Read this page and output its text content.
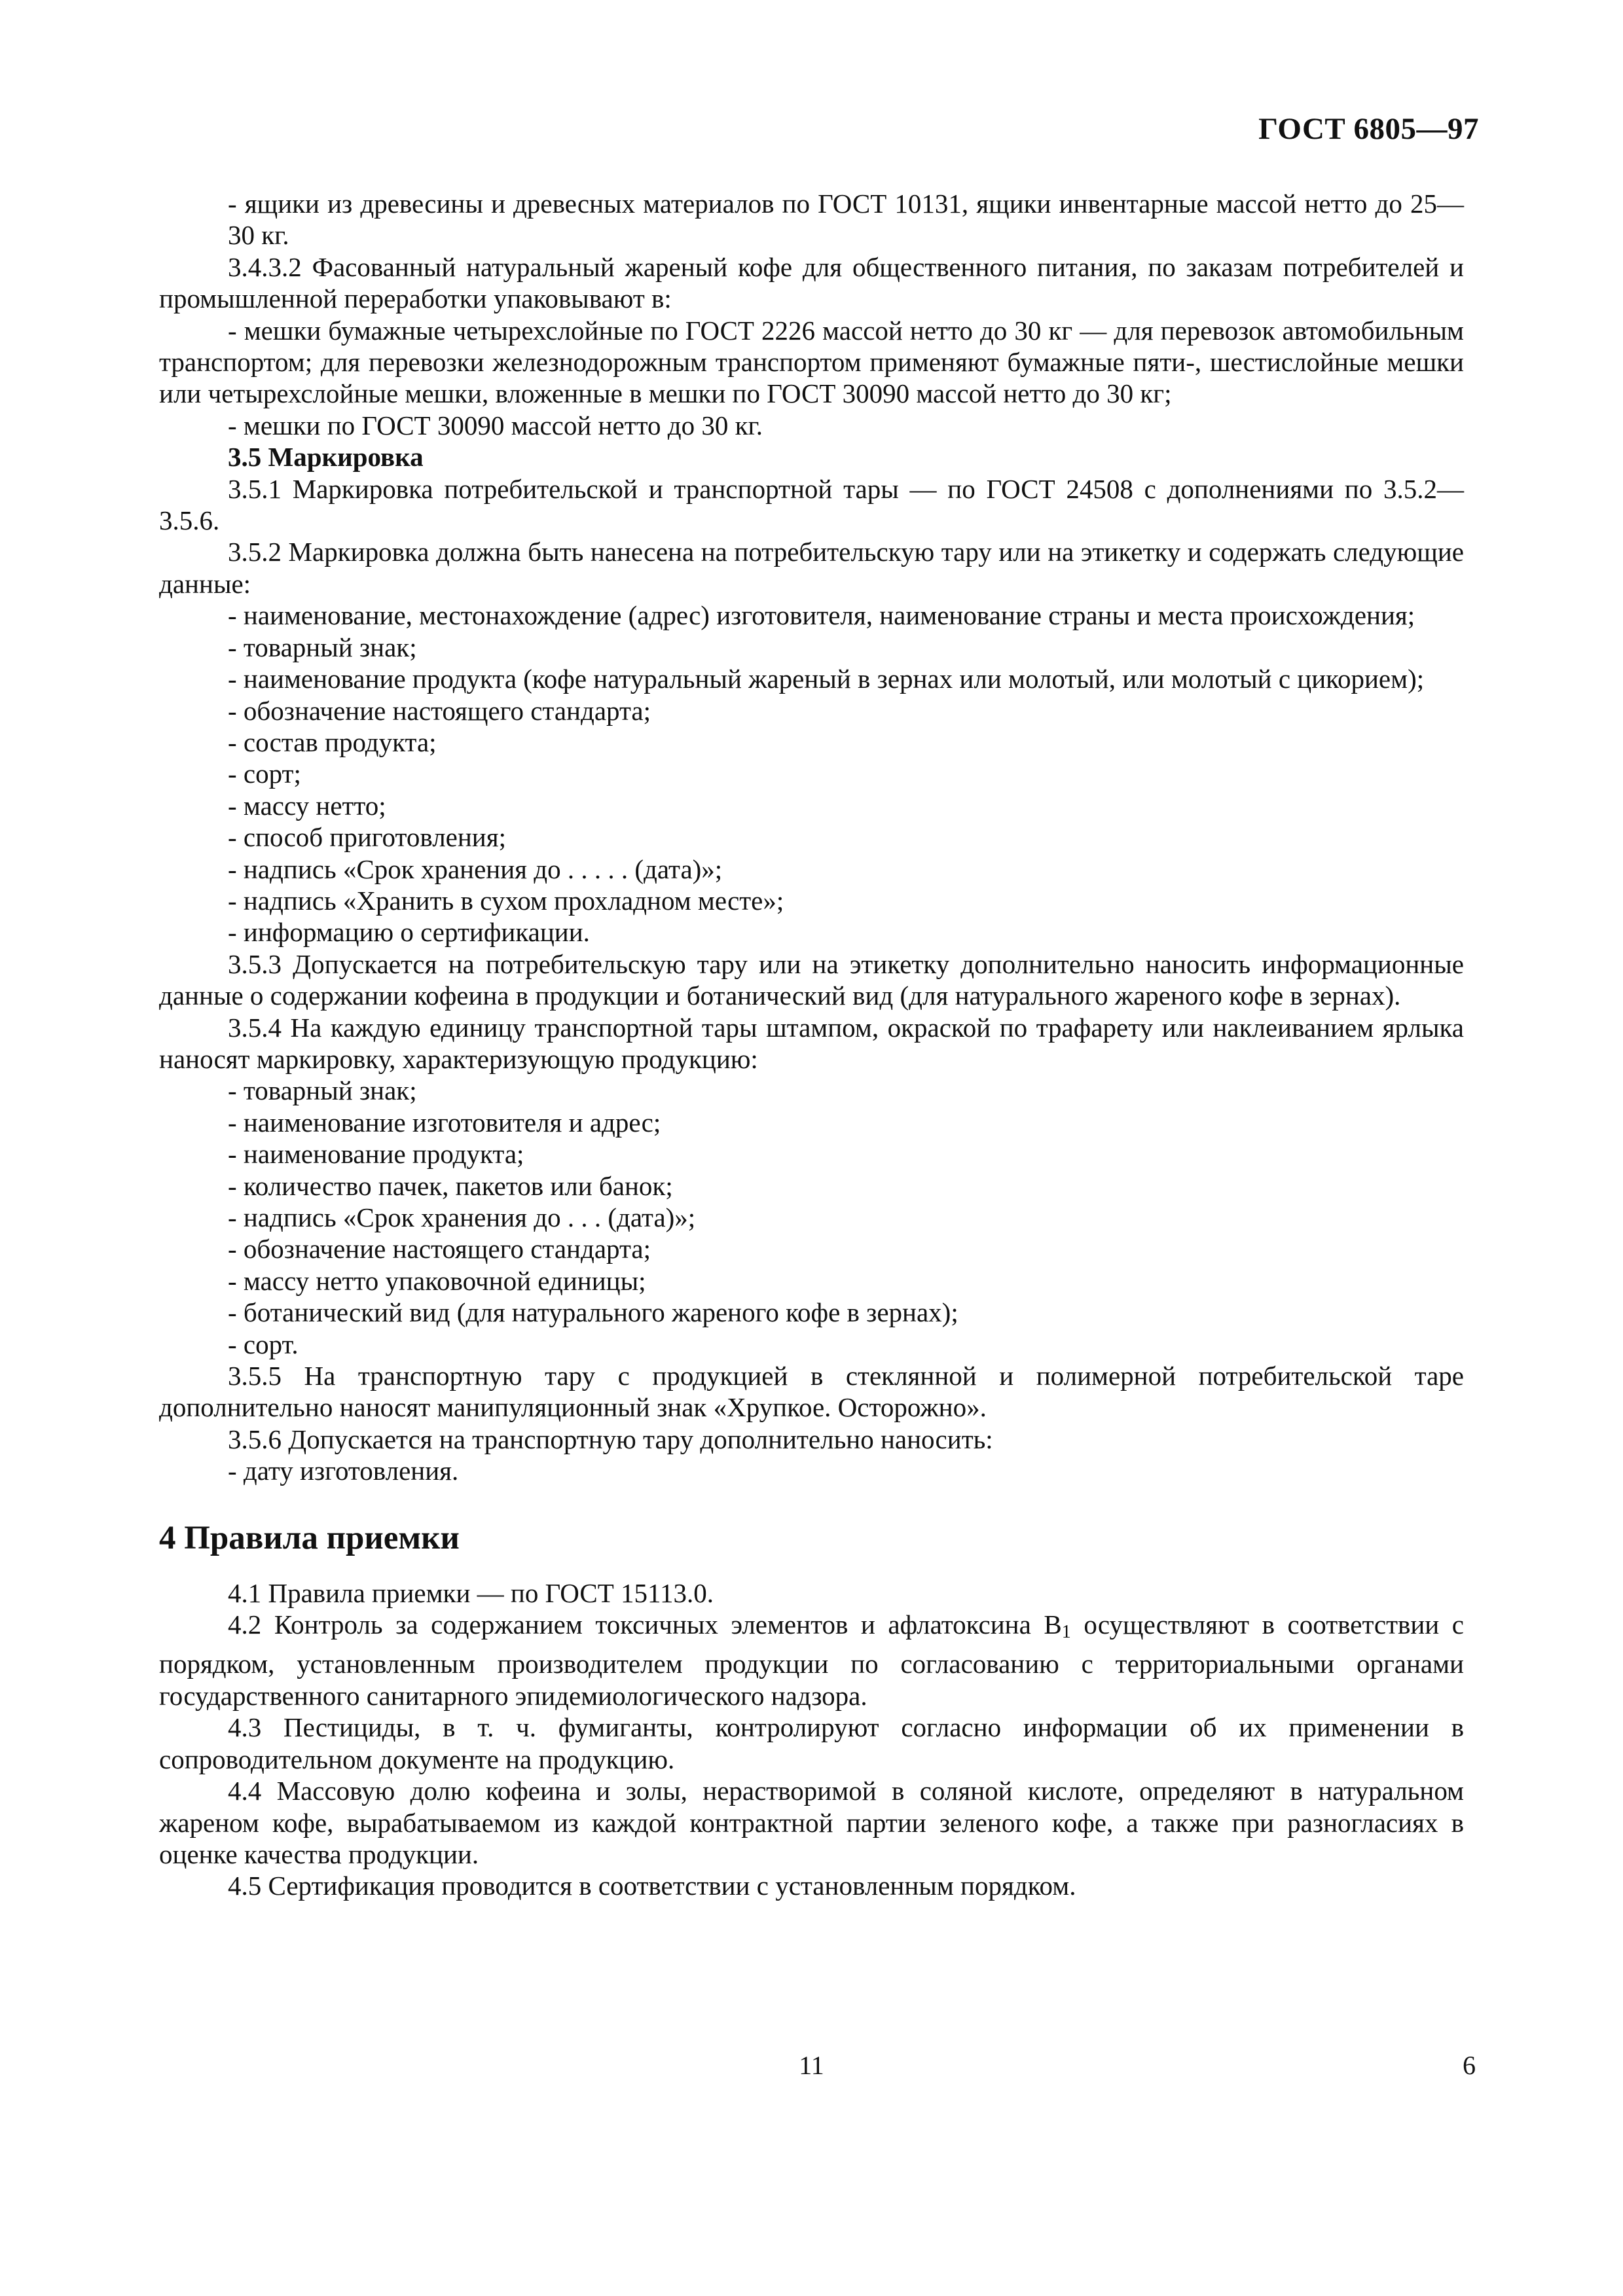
ГОСТ 6805—97

- ящики из древесины и древесных материалов по ГОСТ 10131, ящики инвентарные массой нетто до 25—30 кг.

3.4.3.2 Фасованный натуральный жареный кофе для общественного питания, по заказам потребителей и промышленной переработки упаковывают в:

- мешки бумажные четырехслойные по ГОСТ 2226 массой нетто до 30 кг — для перевозок автомобильным транспортом; для перевозки железнодорожным транспортом применяют бумажные пяти-, шестислойные мешки или четырехслойные мешки, вложенные в мешки по ГОСТ 30090 массой нетто до 30 кг;

- мешки по ГОСТ 30090 массой нетто до 30 кг.

3.5 Маркировка

3.5.1 Маркировка потребительской и транспортной тары — по ГОСТ 24508 с дополнениями по 3.5.2—3.5.6.

3.5.2 Маркировка должна быть нанесена на потребительскую тару или на этикетку и содержать следующие данные:

- наименование, местонахождение (адрес) изготовителя, наименование страны и места происхождения;

- товарный знак;

- наименование продукта (кофе натуральный жареный в зернах или молотый, или молотый с цикорием);

- обозначение настоящего стандарта;

- состав продукта;

- сорт;

- массу нетто;

- способ приготовления;

- надпись «Срок хранения до . . . . . (дата)»;

- надпись «Хранить в сухом прохладном месте»;

- информацию о сертификации.

3.5.3 Допускается на потребительскую тару или на этикетку дополнительно наносить информационные данные о содержании кофеина в продукции и ботанический вид (для натурального жареного кофе в зернах).

3.5.4 На каждую единицу транспортной тары штампом, окраской по трафарету или наклеиванием ярлыка наносят маркировку, характеризующую продукцию:

- товарный знак;

- наименование изготовителя и адрес;

- наименование продукта;

- количество пачек, пакетов или банок;

- надпись «Срок хранения до . . . (дата)»;

- обозначение настоящего стандарта;

- массу нетто упаковочной единицы;

- ботанический вид (для натурального жареного кофе в зернах);

- сорт.

3.5.5 На транспортную тару с продукцией в стеклянной и полимерной потребительской таре дополнительно наносят манипуляционный знак «Хрупкое. Осторожно».

3.5.6 Допускается на транспортную тару дополнительно наносить:

- дату изготовления.

4 Правила приемки

4.1 Правила приемки — по ГОСТ 15113.0.

4.2 Контроль за содержанием токсичных элементов и афлатоксина $В_1$ осуществляют в соответствии с порядком, установленным производителем продукции по согласованию с территориальными органами государственного санитарного эпидемиологического надзора.

4.3 Пестициды, в т. ч. фумиганты, контролируют согласно информации об их применении в сопроводительном документе на продукцию.

4.4 Массовую долю кофеина и золы, нерастворимой в соляной кислоте, определяют в натуральном жареном кофе, вырабатываемом из каждой контрактной партии зеленого кофе, а также при разногласиях в оценке качества продукции.

4.5 Сертификация проводится в соответствии с установленным порядком.

11	6
